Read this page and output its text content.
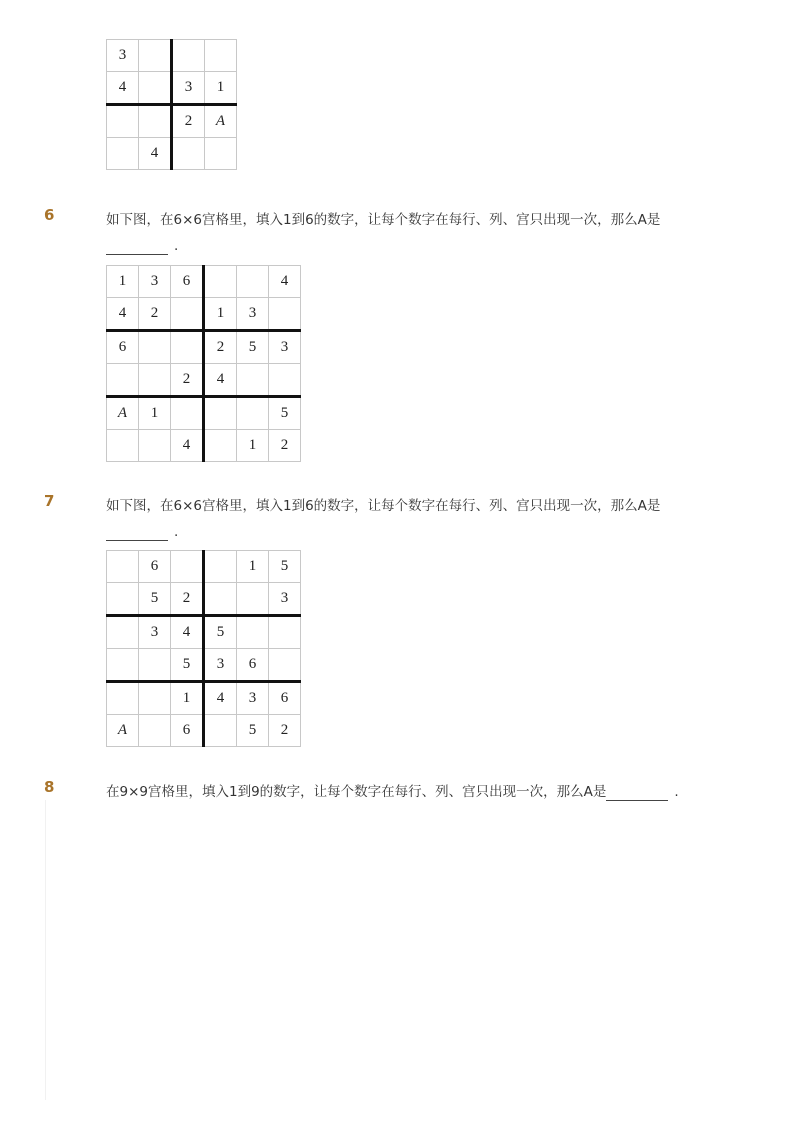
3			
4		3	1
		2	A
	4		
6	如下图，在6×6宫格里，填入1到6的数字，让每个数字在每行、列、宫只出现一次，那么A是
.
1	3	6			4
4	2		1	3	
6			2	5	3
		2	4		
A	1				5
		4		1	2
7	如下图，在6×6宫格里，填入1到6的数字，让每个数字在每行、列、宫只出现一次，那么A是
.
	6			1	5
	5	2			3
	3	4	5		
		5	3	6	
		1	4	3	6
A		6		5	2
8	在9×9宫格里，填入1到9的数字，让每个数字在每行、列、宫只出现一次，那么A是	.
